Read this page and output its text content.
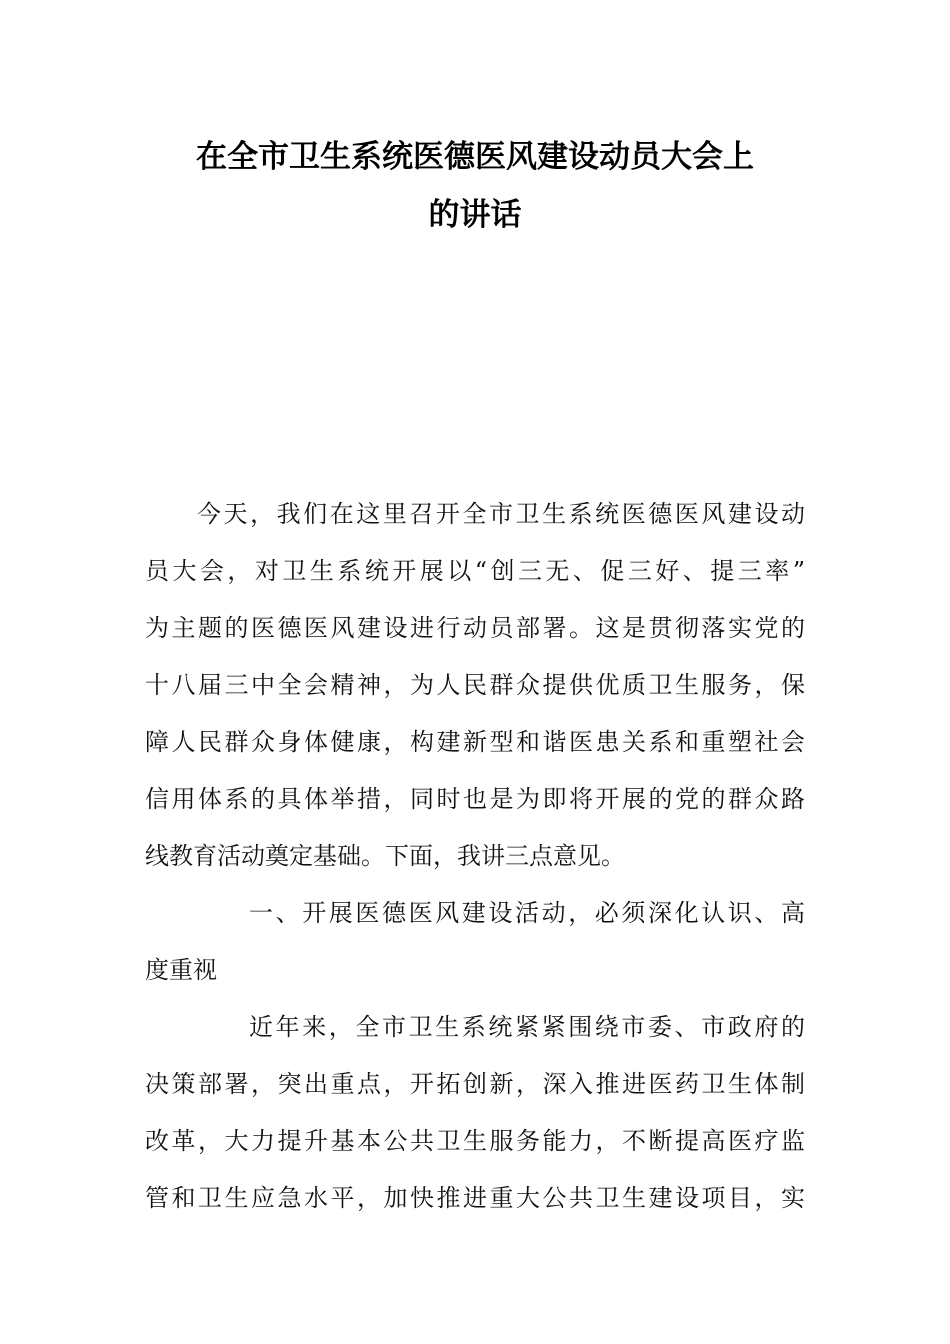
在全市卫生系统医德医风建设动员大会上
的讲话
今天，我们在这里召开全市卫生系统医德医风建设动
员大会，对卫生系统开展以“创三无、促三好、提三率”
为主题的医德医风建设进行动员部署。这是贯彻落实党的
十八届三中全会精神，为人民群众提供优质卫生服务，保
障人民群众身体健康，构建新型和谐医患关系和重塑社会
信用体系的具体举措，同时也是为即将开展的党的群众路
线教育活动奠定基础。下面，我讲三点意见。
一、开展医德医风建设活动，必须深化认识、高
度重视
近年来，全市卫生系统紧紧围绕市委、市政府的
决策部署，突出重点，开拓创新，深入推进医药卫生体制
改革，大力提升基本公共卫生服务能力，不断提高医疗监
管和卫生应急水平，加快推进重大公共卫生建设项目，实
